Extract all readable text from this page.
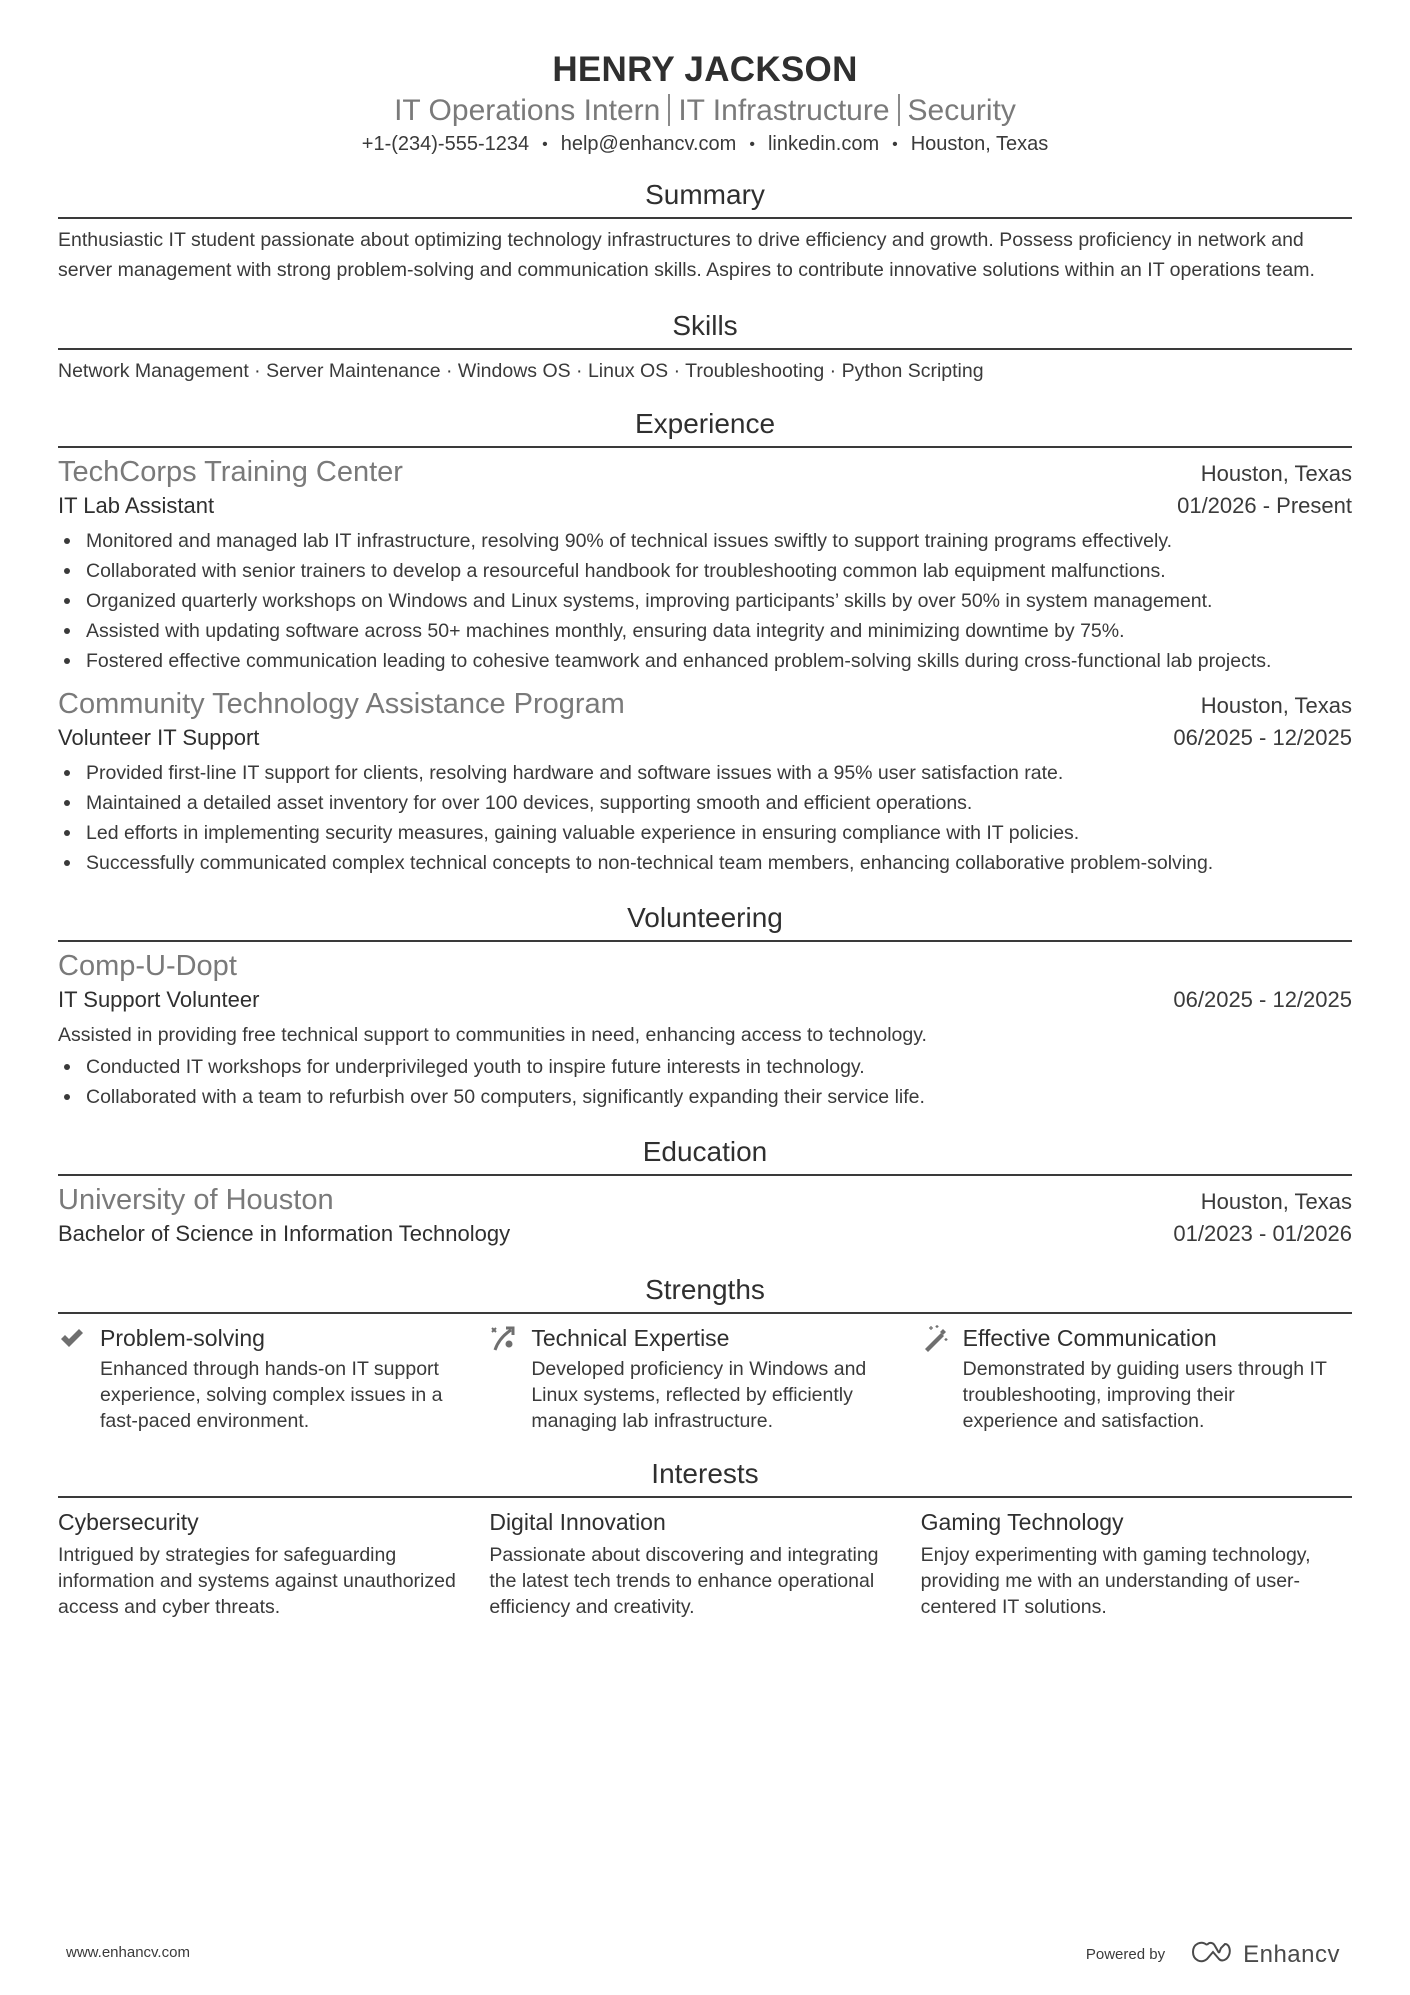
HENRY JACKSON
IT Operations Intern IT Infrastructure Security
+1-(234)-555-1234 • help@enhancv.com • linkedin.com • Houston, Texas
Summary
Enthusiastic IT student passionate about optimizing technology infrastructures to drive efficiency and growth. Possess proficiency in network and server management with strong problem-solving and communication skills. Aspires to contribute innovative solutions within an IT operations team.
Skills
Network Management · Server Maintenance · Windows OS · Linux OS · Troubleshooting · Python Scripting
Experience
TechCorps Training Center	Houston, Texas
IT Lab Assistant	01/2026 - Present
Monitored and managed lab IT infrastructure, resolving 90% of technical issues swiftly to support training programs effectively.
Collaborated with senior trainers to develop a resourceful handbook for troubleshooting common lab equipment malfunctions.
Organized quarterly workshops on Windows and Linux systems, improving participants’ skills by over 50% in system management.
Assisted with updating software across 50+ machines monthly, ensuring data integrity and minimizing downtime by 75%.
Fostered effective communication leading to cohesive teamwork and enhanced problem-solving skills during cross-functional lab projects.
Community Technology Assistance Program	Houston, Texas
Volunteer IT Support	06/2025 - 12/2025
Provided first-line IT support for clients, resolving hardware and software issues with a 95% user satisfaction rate.
Maintained a detailed asset inventory for over 100 devices, supporting smooth and efficient operations.
Led efforts in implementing security measures, gaining valuable experience in ensuring compliance with IT policies.
Successfully communicated complex technical concepts to non-technical team members, enhancing collaborative problem-solving.
Volunteering
Comp-U-Dopt
IT Support Volunteer	06/2025 - 12/2025
Assisted in providing free technical support to communities in need, enhancing access to technology.
Conducted IT workshops for underprivileged youth to inspire future interests in technology.
Collaborated with a team to refurbish over 50 computers, significantly expanding their service life.
Education
University of Houston	Houston, Texas
Bachelor of Science in Information Technology	01/2023 - 01/2026
Strengths
Problem-solving
Enhanced through hands-on IT support experience, solving complex issues in a fast-paced environment.
Technical Expertise
Developed proficiency in Windows and Linux systems, reflected by efficiently managing lab infrastructure.
Effective Communication
Demonstrated by guiding users through IT troubleshooting, improving their experience and satisfaction.
Interests
Cybersecurity
Intrigued by strategies for safeguarding information and systems against unauthorized access and cyber threats.
Digital Innovation
Passionate about discovering and integrating the latest tech trends to enhance operational efficiency and creativity.
Gaming Technology
Enjoy experimenting with gaming technology, providing me with an understanding of user-centered IT solutions.
www.enhancv.com	Powered by	Enhancv
